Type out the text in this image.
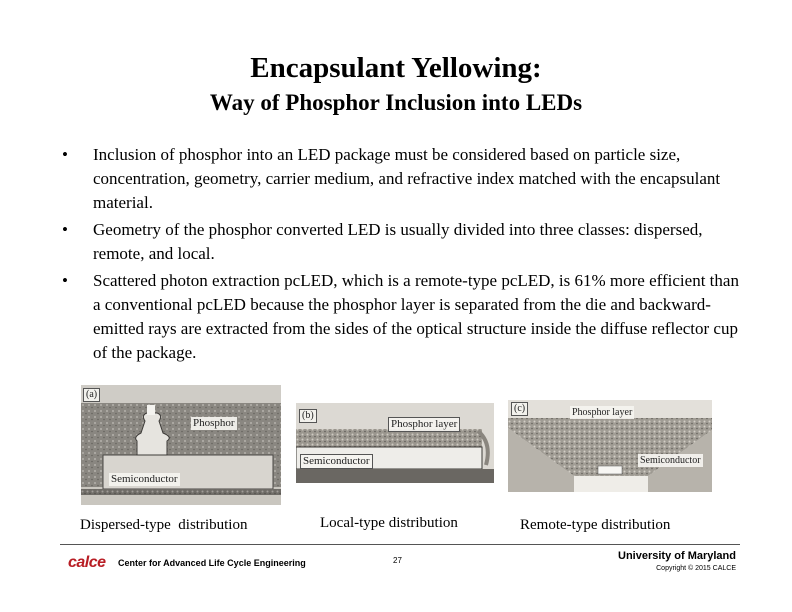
Encapsulant Yellowing:
Way of Phosphor Inclusion into LEDs
• Inclusion of phosphor into an LED package must be considered based on particle size, concentration, geometry, carrier medium, and refractive index matched with the encapsulant material.
• Geometry of the phosphor converted LED is usually divided into three classes: dispersed, remote, and local.
• Scattered photon extraction pcLED, which is a remote-type pcLED, is 61% more efficient than a conventional pcLED because the phosphor layer is separated from the die and backward-emitted rays are extracted from the sides of the optical structure inside the diffuse reflector cup of the package.
(a)
Phosphor
Semiconductor
(b)
Phosphor layer
Semiconductor
(c)	Phosphor layer
Semiconductor
Dispersed-type  distribution	Local-type distribution	Remote-type distribution
calce Center for Advanced Life Cycle Engineering	27	University of Maryland
Copyright © 2015 CALCE
